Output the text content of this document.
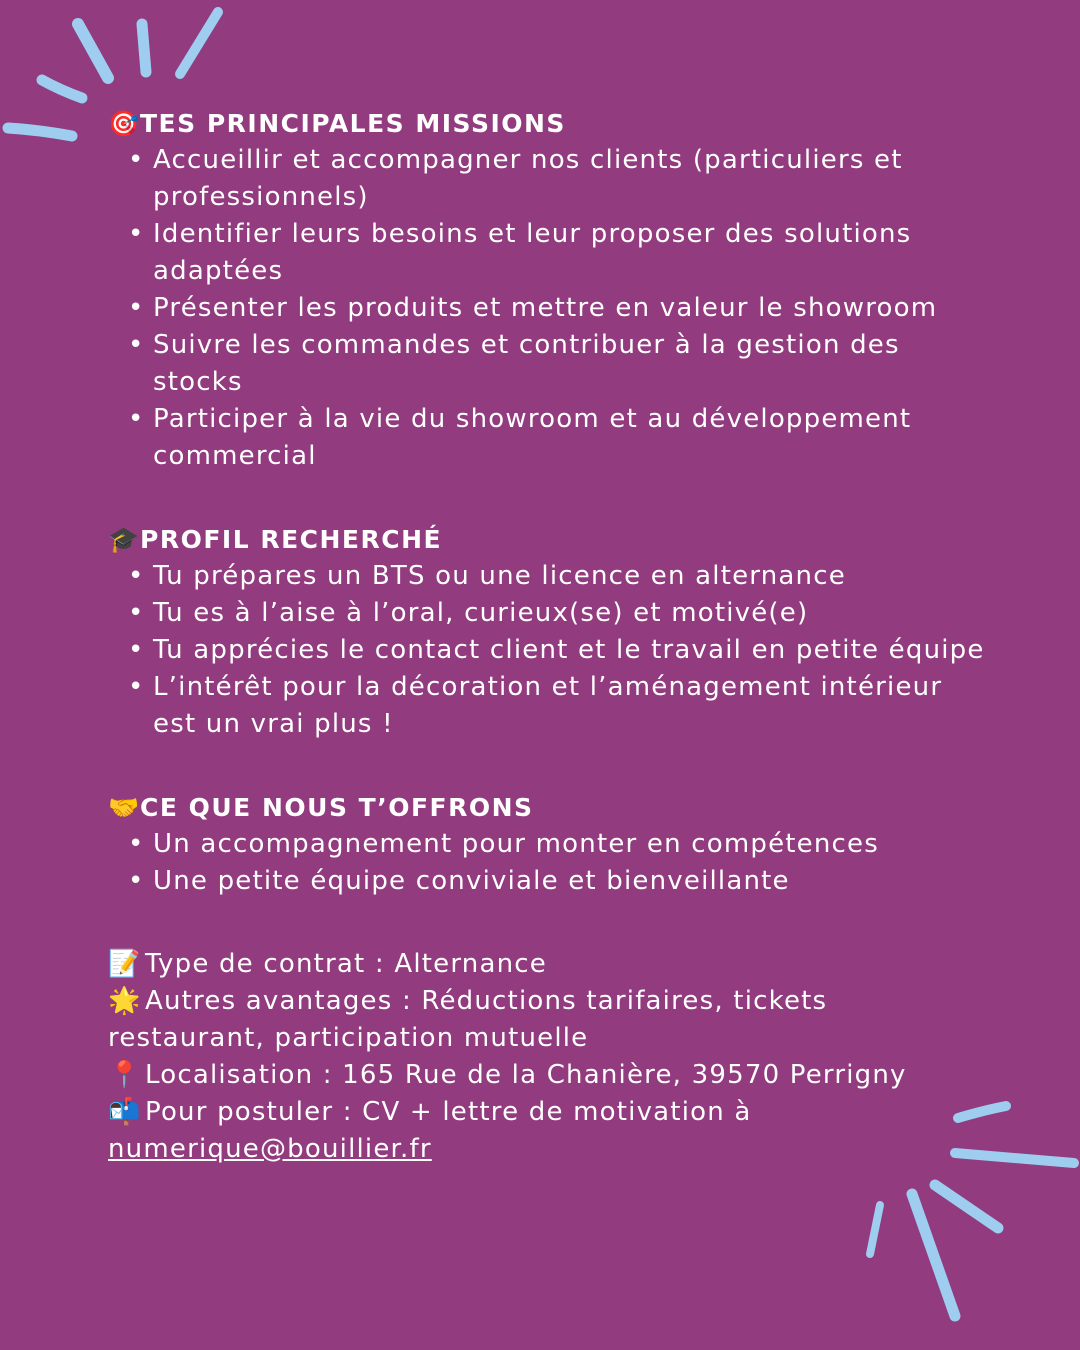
🎯TES PRINCIPALES MISSIONS

• Accueillir et accompagner nos clients (particuliers et professionnels)
• Identifier leurs besoins et leur proposer des solutions adaptées
• Présenter les produits et mettre en valeur le showroom
• Suivre les commandes et contribuer à la gestion des stocks
• Participer à la vie du showroom et au développement commercial

🎓PROFIL RECHERCHÉ

• Tu prépares un BTS ou une licence en alternance
• Tu es à l’aise à l’oral, curieux(se) et motivé(e)
• Tu apprécies le contact client et le travail en petite équipe
• L’intérêt pour la décoration et l’aménagement intérieur est un vrai plus !

🤝CE QUE NOUS T’OFFRONS

• Un accompagnement pour monter en compétences
• Une petite équipe conviviale et bienveillante

📝 Type de contrat : Alternance

🌟 Autres avantages : Réductions tarifaires, tickets restaurant, participation mutuelle

📍 Localisation : 165 Rue de la Chanière, 39570 Perrigny

📬 Pour postuler : CV + lettre de motivation à

numerique@bouillier.fr
